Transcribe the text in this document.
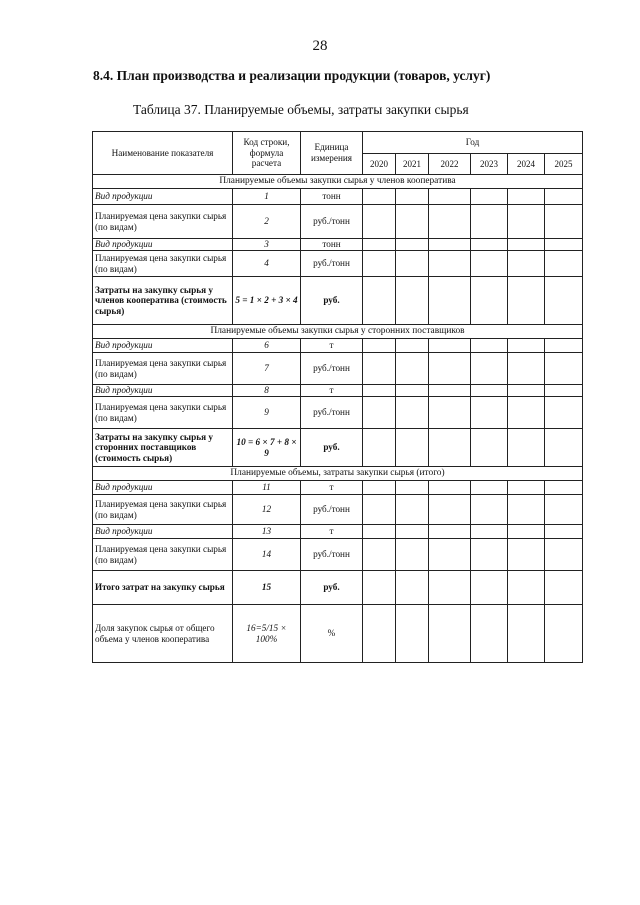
28
8.4. План производства и реализации продукции (товаров, услуг)
Таблица 37. Планируемые объемы, затраты закупки сырья
Наименование показателя	Код строки, формула расчета	Единица измерения	Год					
			2020	2021	2022	2023	2024	2025
Планируемые объемы закупки сырья у членов кооператива								
Вид продукции	1	тонн						
Планируемая цена закупки сырья (по видам)	2	руб./тонн						
Вид продукции	3	тонн						
Планируемая цена закупки сырья (по видам)	4	руб./тонн						
Затраты на закупку сырья у членов кооператива (стоимость сырья)	5 = 1 × 2 + 3 × 4	руб.						
Планируемые объемы закупки сырья у сторонних поставщиков								
Вид продукции	6	т						
Планируемая цена закупки сырья (по видам)	7	руб./тонн						
Вид продукции	8	т						
Планируемая цена закупки сырья (по видам)	9	руб./тонн						
Затраты на закупку сырья у сторонних поставщиков (стоимость сырья)	10 = 6 × 7 + 8 × 9	руб.						
Планируемые объемы, затраты закупки сырья (итого)								
Вид продукции	11	т						
Планируемая цена закупки сырья (по видам)	12	руб./тонн						
Вид продукции	13	т						
Планируемая цена закупки сырья (по видам)	14	руб./тонн						
Итого затрат на закупку сырья	15	руб.						
Доля закупок сырья от общего объема у членов кооператива	16=5/15 × 100%	%						
